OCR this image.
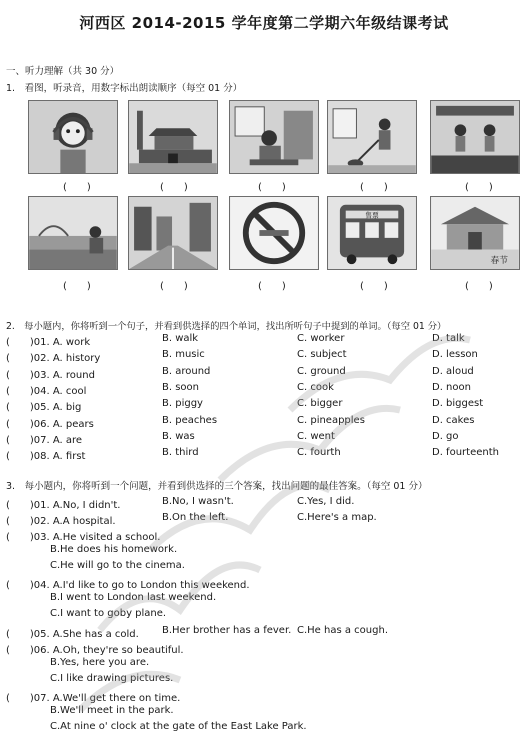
河西区 2014-2015 学年度第二学期六年级结课考试
一、听力理解（共 30 分）
1.　看图，听录音，用数字标出朗读顺序（每空 01 分）
(　　)	(　　)	(　　)	(　　)	(　　)
售票
春节
(　　)	(　　)	(　　)	(　　)	(　　)
2.　每小题内，你将听到一个句子，并看到供选择的四个单词，找出所听句子中提到的单词。（每空 01 分）
(　　)01. A. work	B. walk	C. worker	D. talk
(　　)02. A. history	B. music	C. subject	D. lesson
(　　)03. A. round	B. around	C. ground	D. aloud
(　　)04. A. cool	B. soon	C. cook	D. noon
(　　)05. A. big	B. piggy	C. bigger	D. biggest
(　　)06. A. pears	B. peaches	C. pineapples	D. cakes
(　　)07. A. are	B. was	C. went	D. go
(　　)08. A. first	B. third	C. fourth	D. fourteenth
3.　每小题内，你将听到一个问题，并看到供选择的三个答案，找出问题的最佳答案。（每空 01 分）
(　　)01. A.No, I didn't.	B.No, I wasn't.	C.Yes, I did.
(　　)02. A.A hospital.	B.On the left.	C.Here's a map.
(　　)03. A.He visited a school.
B.He does his homework.
C.He will go to the cinema.
(　　)04. A.I'd like to go to London this weekend.
B.I went to London last weekend.
C.I want to goby plane.
(　　)05. A.She has a cold. B.Her brother has a fever. C.He has a cough.
(　　)06. A.Oh, they're so beautiful.
B.Yes, here you are.
C.I like drawing pictures.
(　　)07. A.We'll get there on time.
B.We'll meet in the park.
C.At nine o' clock at the gate of the East Lake Park.
